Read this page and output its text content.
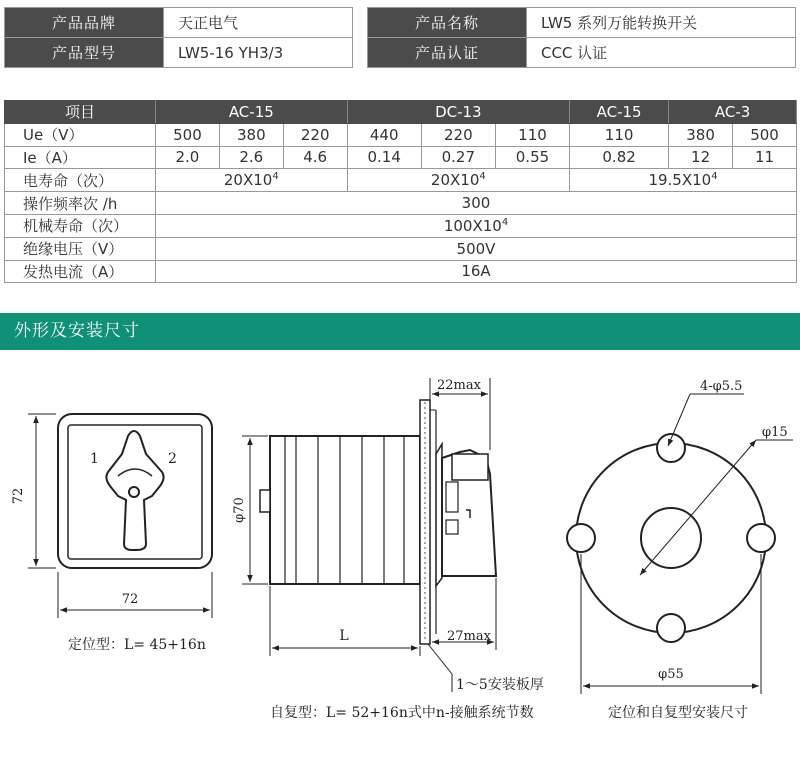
产品品牌	天正电气		产品名称	LW5 系列万能转换开关
产品型号	LW5-16 YH3/3		产品认证	CCC 认证
项目	AC-15			DC-13			AC-15	AC-3	
Ue（V）	500	380	220	440	220	110	110	380	500
Ie（A）	2.0	2.6	4.6	0.14	0.27	0.55	0.82	12	11
电寿命（次）	$20X10^4$			$20X10^4$			$19.5X10^4$
操作频率次 /h	300								
机械寿命（次）	$100X10^4$
绝缘电压（V）	500V								
发热电流（A）	16A								
外形及安装尺寸
1	2
72
72
定位型：L= 45+16n
22max
φ70
L	27max
1～5安装板厚
自复型：L= 52+16n式中n-接触系统节数
4-φ5.5
φ15
φ55
定位和自复型安装尺寸
